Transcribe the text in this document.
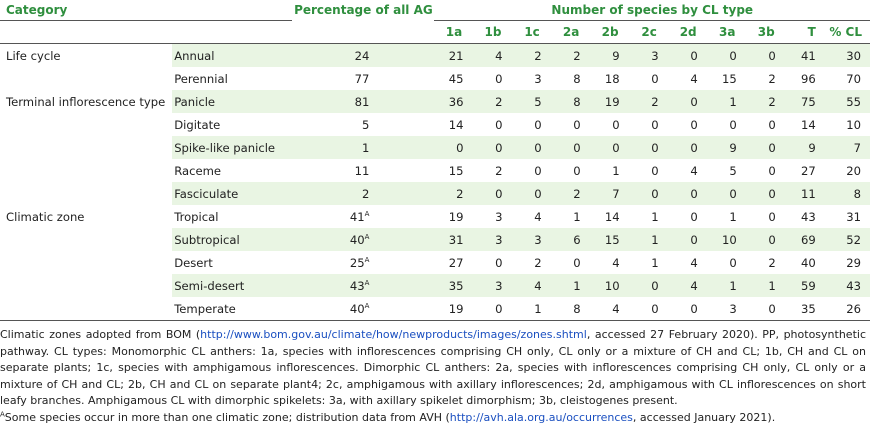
Category		Percentage of all AG		Number of species by CL type										
				1a	1b	1c	2a	2b	2c	2d	3a	3b	T	% CL
Life cycle	Annual	24		21	4	2	2	9	3	0	0	0	41	30
	Perennial	77		45	0	3	8	18	0	4	15	2	96	70
Terminal inflorescence type	Panicle	81		36	2	5	8	19	2	0	1	2	75	55
	Digitate	5		14	0	0	0	0	0	0	0	0	14	10
	Spike-like panicle	1		0	0	0	0	0	0	0	9	0	9	7
	Raceme	11		15	2	0	0	1	0	4	5	0	27	20
	Fasciculate	2		2	0	0	2	7	0	0	0	0	11	8
Climatic zone	Tropical	$41^A$		19	3	4	1	14	1	0	1	0	43	31
	Subtropical	$40^A$		31	3	3	6	15	1	0	10	0	69	52
	Desert	$25^A$		27	0	2	0	4	1	4	0	2	40	29
	Semi-desert	$43^A$		35	3	4	1	10	0	4	1	1	59	43
	Temperate	$40^A$		19	0	1	8	4	0	0	3	0	35	26

Climatic zones adopted from BOM (http://www.bom.gov.au/climate/how/newproducts/images/zones.shtml, accessed 27 February 2020). PP, photosynthetic pathway. CL types: Monomorphic CL anthers: 1a, species with inflorescences comprising CH only, CL only or a mixture of CH and CL; 1b, CH and CL on separate plants; 1c, species with amphigamous inflorescences. Dimorphic CL anthers: 2a, species with inflorescences comprising CH only, CL only or a mixture of CH and CL; 2b, CH and CL on separate plant4; 2c, amphigamous with axillary inflorescences; 2d, amphigamous with CL inflorescences on short leafy branches. Amphigamous CL with dimorphic spikelets: 3a, with axillary spikelet dimorphism; 3b, cleistogenes present.

$^A$Some species occur in more than one climatic zone; distribution data from AVH (http://avh.ala.org.au/occurrences, accessed January 2021).
